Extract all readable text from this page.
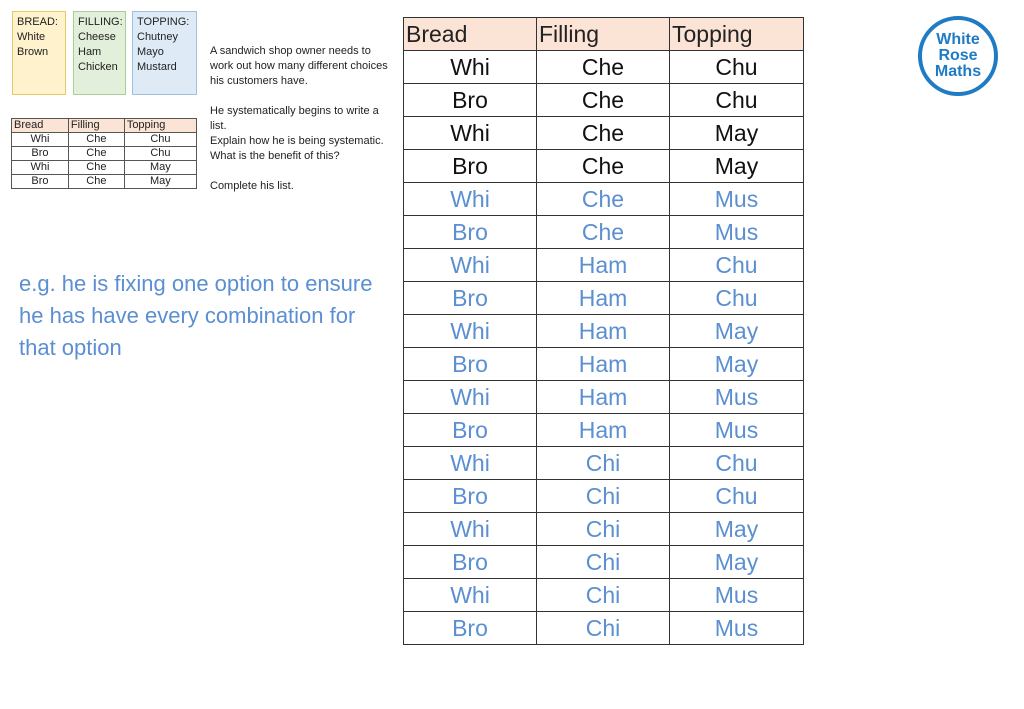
BREAD:
White
Brown
FILLING:
Cheese
Ham
Chicken
TOPPING:
Chutney
Mayo
Mustard
Bread	Filling	Topping
Whi	Che	Chu
Bro	Che	Chu
Whi	Che	May
Bro	Che	May

A sandwich shop owner needs to work out how many different choices his customers have.

He systematically begins to write a list.

Explain how he is being systematic.

What is the benefit of this?

Complete his list.

e.g. he is fixing one option to ensure he has have every combination for that option
Bread	Filling	Topping
Whi	Che	Chu
Bro	Che	Chu
Whi	Che	May
Bro	Che	May
Whi	Che	Mus
Bro	Che	Mus
Whi	Ham	Chu
Bro	Ham	Chu
Whi	Ham	May
Bro	Ham	May
Whi	Ham	Mus
Bro	Ham	Mus
Whi	Chi	Chu
Bro	Chi	Chu
Whi	Chi	May
Bro	Chi	May
Whi	Chi	Mus
Bro	Chi	Mus
White
Rose
Maths
